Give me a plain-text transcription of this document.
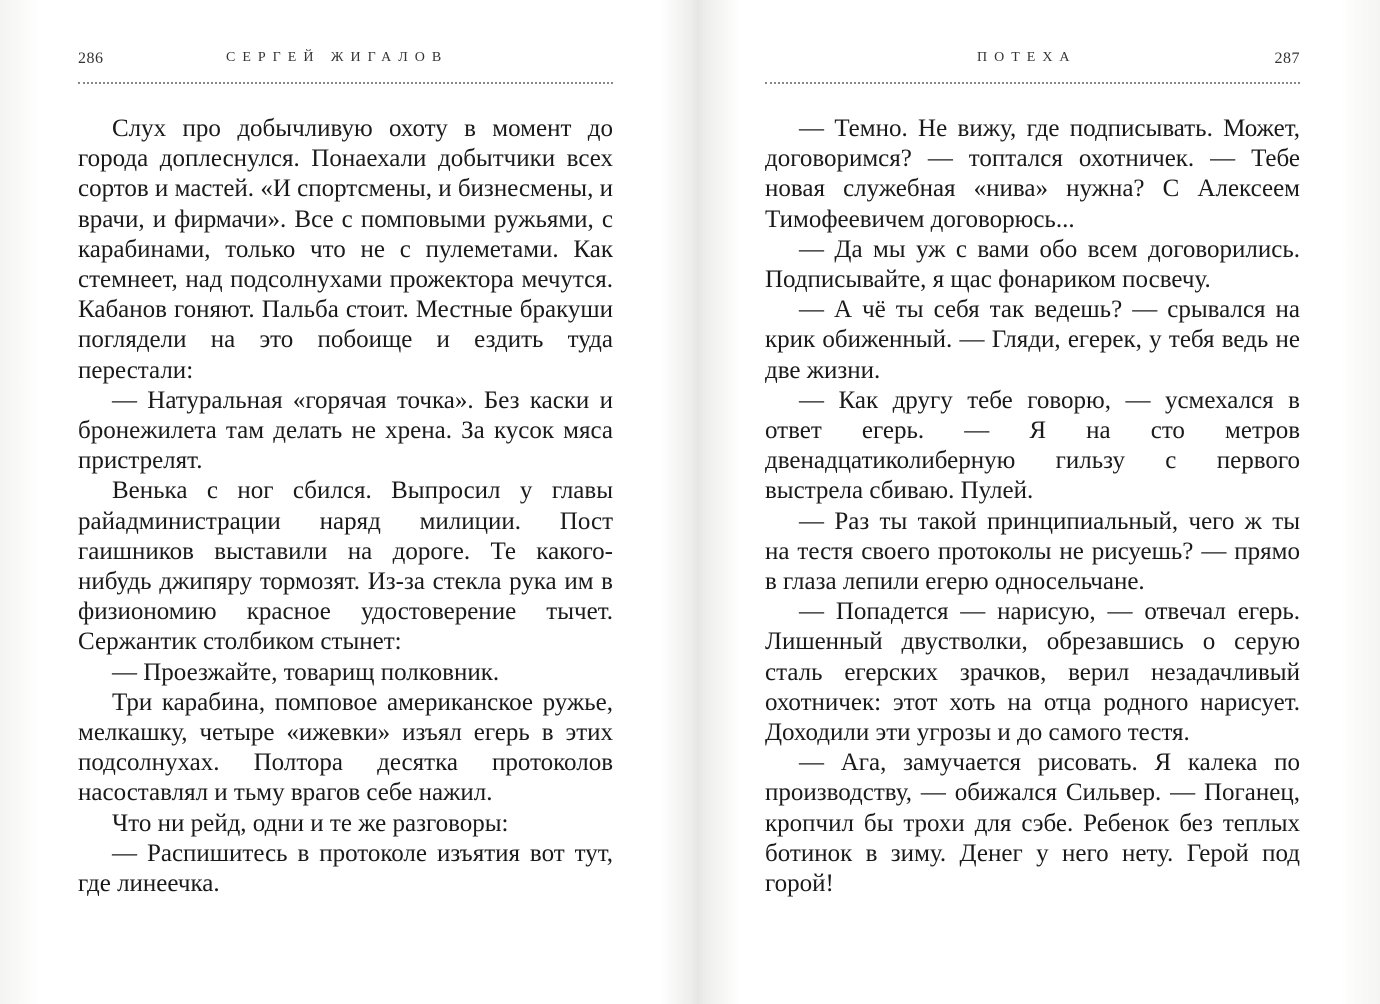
286	СЕРГЕЙ ЖИГАЛОВ

Слух про добычливую охоту в момент до города доплеснулся. Понаехали добытчики всех сортов и мастей. «И спортсмены, и бизнесмены, и врачи, и фирмачи». Все с помповыми ружьями, с карабинами, только что не с пулеметами. Как стемнеет, над подсолнухами прожектора мечутся. Кабанов гоняют. Пальба стоит. Местные бракуши поглядели на это побоище и ездить туда перестали:

— Натуральная «горячая точка». Без каски и бронежилета там делать не хрена. За кусок мяса пристрелят.

Венька с ног сбился. Выпросил у главы райадминистрации наряд милиции. Пост гаишников выставили на дороге. Те какого-нибудь джипяру тормозят. Из-за стекла рука им в физиономию красное удостоверение тычет. Сержантик столбиком стынет:

— Проезжайте, товарищ полковник.

Три карабина, помповое американское ружье, мелкашку, четыре «ижевки» изъял егерь в этих подсолнухах. Полтора десятка протоколов насоставлял и тьму врагов себе нажил.

Что ни рейд, одни и те же разговоры:

— Распишитесь в протоколе изъятия вот тут, где линеечка.

ПОТЕХА	287

— Темно. Не вижу, где подписывать. Может, договоримся? — топтался охотничек. — Тебе новая служебная «нива» нужна? С Алексеем Тимофеевичем договорюсь...

— Да мы уж с вами обо всем договорились. Подписывайте, я щас фонариком посвечу.

— А чё ты себя так ведешь? — срывался на крик обиженный. — Гляди, егерек, у тебя ведь не две жизни.

— Как другу тебе говорю, — усмехался в ответ егерь. — Я на сто метров двенадцатиколиберную гильзу с первого выстрела сбиваю. Пулей.

— Раз ты такой принципиальный, чего ж ты на тестя своего протоколы не рисуешь? — прямо в глаза лепили егерю односельчане.

— Попадется — нарисую, — отвечал егерь. Лишенный двустволки, обрезавшись о серую сталь егерских зрачков, верил незадачливый охотничек: этот хоть на отца родного нарисует. Доходили эти угрозы и до самого тестя.

— Ага, замучается рисовать. Я калека по производству, — обижался Сильвер. — Поганец, кропчил бы трохи для сэбе. Ребенок без теплых ботинок в зиму. Денег у него нету. Герой под горой!
